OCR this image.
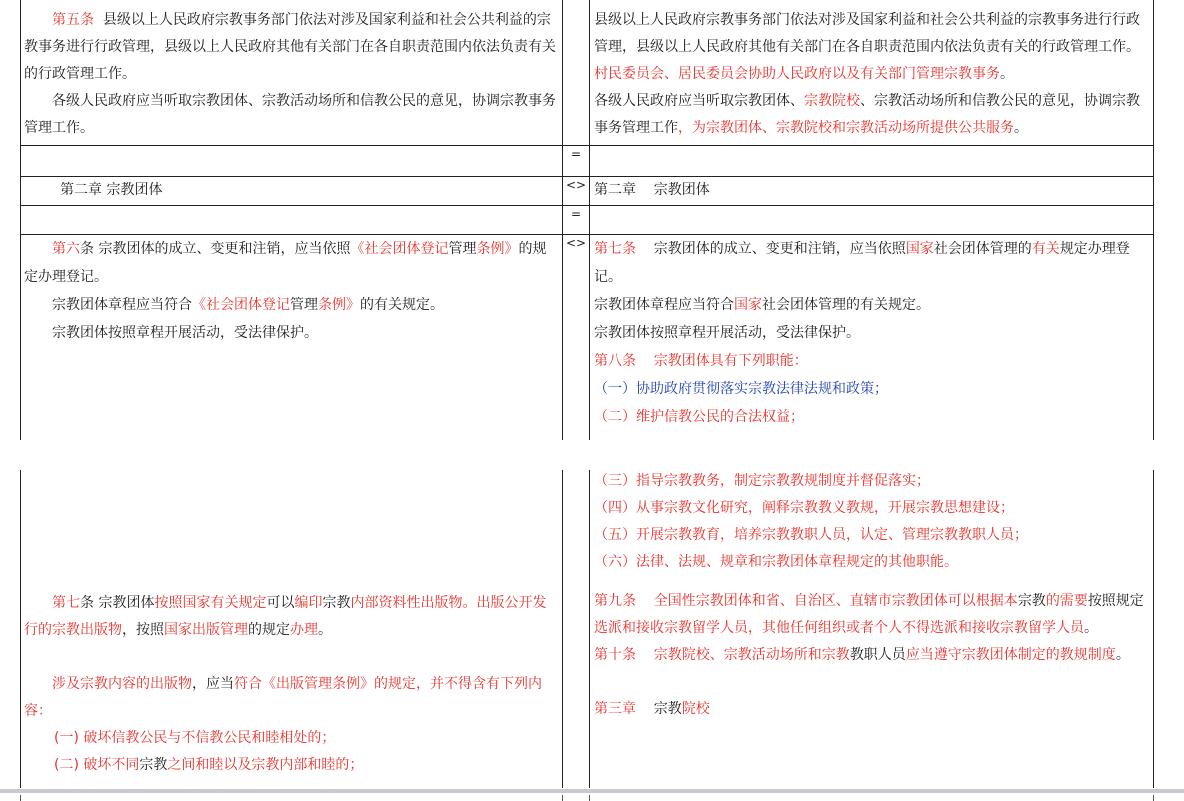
第五条 县级以上人民政府宗教事务部门依法对涉及国家利益和社会公共利益的宗教事务进行行政管理，县级以上人民政府其他有关部门在各自职责范围内依法负责有关的行政管理工作。

各级人民政府应当听取宗教团体、宗教活动场所和信教公民的意见，协调宗教事务管理工作。

县级以上人民政府宗教事务部门依法对涉及国家利益和社会公共利益的宗教事务进行行政管理，县级以上人民政府其他有关部门在各自职责范围内依法负责有关的行政管理工作。村民委员会、居民委员会协助人民政府以及有关部门管理宗教事务。

各级人民政府应当听取宗教团体、宗教院校、宗教活动场所和信教公民的意见，协调宗教事务管理工作，为宗教团体、宗教院校和宗教活动场所提供公共服务。

=
<>
第二章 宗教团体	第二章    宗教团体
=
<>

第六条 宗教团体的成立、变更和注销，应当依照《社会团体登记管理条例》的规定办理登记。

宗教团体章程应当符合《社会团体登记管理条例》的有关规定。

宗教团体按照章程开展活动，受法律保护。

第七条    宗教团体的成立、变更和注销，应当依照国家社会团体管理的有关规定办理登记。

宗教团体章程应当符合国家社会团体管理的有关规定。

宗教团体按照章程开展活动，受法律保护。

第八条    宗教团体具有下列职能：

（一）协助政府贯彻落实宗教法律法规和政策；

（二）维护信教公民的合法权益；

第七条 宗教团体按照国家有关规定可以编印宗教内部资料性出版物。出版公开发行的宗教出版物，按照国家出版管理的规定办理。

涉及宗教内容的出版物，应当符合《出版管理条例》的规定，并不得含有下列内容：

(一) 破坏信教公民与不信教公民和睦相处的；

(二) 破坏不同宗教之间和睦以及宗教内部和睦的；

（三）指导宗教教务，制定宗教教规制度并督促落实；

（四）从事宗教文化研究，阐释宗教教义教规，开展宗教思想建设；

（五）开展宗教教育，培养宗教教职人员，认定、管理宗教教职人员；

（六）法律、法规、规章和宗教团体章程规定的其他职能。

第九条    全国性宗教团体和省、自治区、直辖市宗教团体可以根据本宗教的需要按照规定选派和接收宗教留学人员，其他任何组织或者个人不得选派和接收宗教留学人员。

第十条    宗教院校、宗教活动场所和宗教教职人员应当遵守宗教团体制定的教规制度。

第三章    宗教院校
